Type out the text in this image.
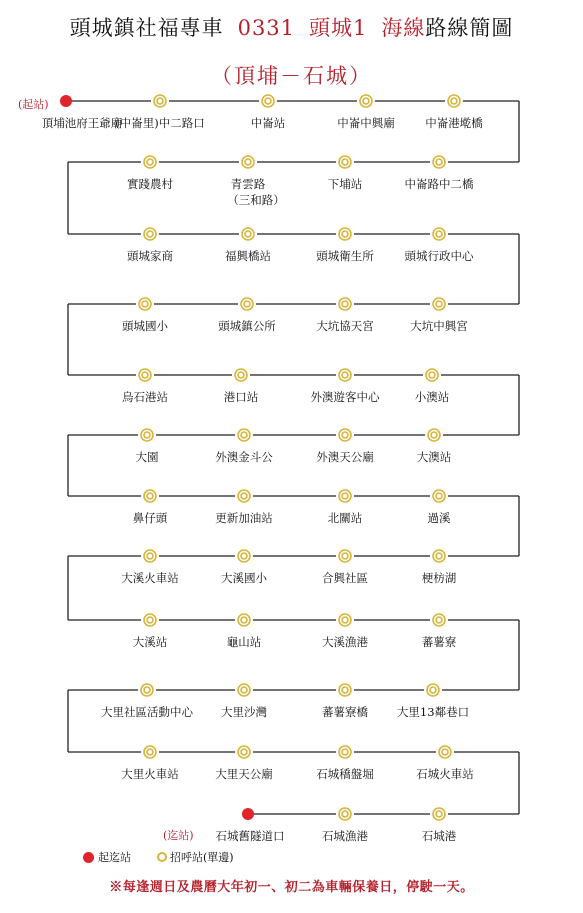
頭城鎮社福專車 0331 頭城1 海線路線簡圖
（頂埔－石城）
(起站)
(迄站)
頂埔池府王爺廟
(中崙里)中二路口	中崙站	中崙中興廟	中崙港墘橋
實踐農村	青雲路	下埔站	中崙路中二橋
頭城家商	福興橋站	頭城衛生所	頭城行政中心
頭城國小	頭城鎮公所	大坑協天宮	大坑中興宮
烏石港站	港口站	外澳遊客中心	小澳站
大園	外澳金斗公	外澳天公廟	大澳站
鼻仔頭	更新加油站	北關站	過溪
大溪火車站	大溪國小	合興社區	梗枋湖
大溪站	龜山站	大溪漁港	蕃薯寮
大里社區活動中心 大里沙灣	蕃薯寮橋	大里13鄰巷口
大里火車站	大里天公廟	石城穚盤堀	石城火車站
石城舊隧道口	石城漁港	石城港
（三和路）
起迄站	招呼站(單邊)
※每逢週日及農曆大年初一、初二為車輛保養日，停駛一天。
